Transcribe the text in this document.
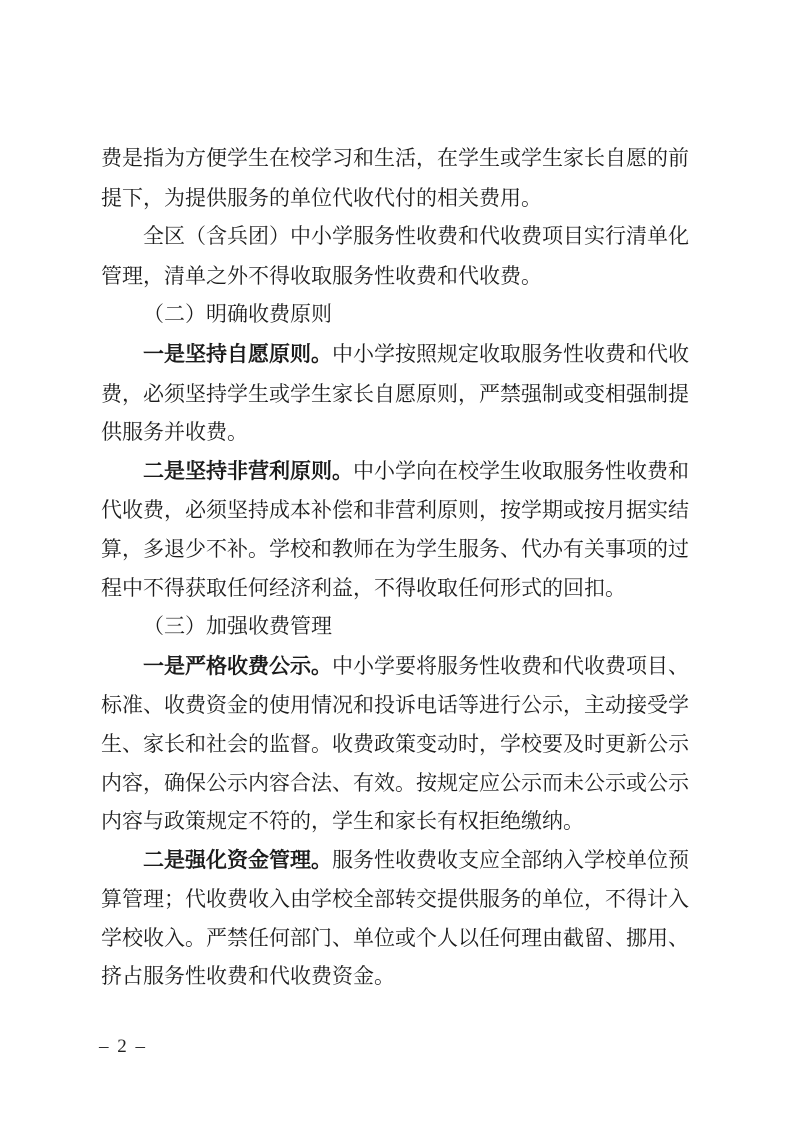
费是指为方便学生在校学习和生活，在学生或学生家长自愿的前提下，为提供服务的单位代收代付的相关费用。

全区（含兵团）中小学服务性收费和代收费项目实行清单化管理，清单之外不得收取服务性收费和代收费。

（二）明确收费原则

一是坚持自愿原则。中小学按照规定收取服务性收费和代收费，必须坚持学生或学生家长自愿原则，严禁强制或变相强制提供服务并收费。

二是坚持非营利原则。中小学向在校学生收取服务性收费和代收费，必须坚持成本补偿和非营利原则，按学期或按月据实结算，多退少不补。学校和教师在为学生服务、代办有关事项的过程中不得获取任何经济利益，不得收取任何形式的回扣。

（三）加强收费管理

一是严格收费公示。中小学要将服务性收费和代收费项目、标准、收费资金的使用情况和投诉电话等进行公示，主动接受学生、家长和社会的监督。收费政策变动时，学校要及时更新公示内容，确保公示内容合法、有效。按规定应公示而未公示或公示内容与政策规定不符的，学生和家长有权拒绝缴纳。

二是强化资金管理。服务性收费收支应全部纳入学校单位预算管理；代收费收入由学校全部转交提供服务的单位，不得计入学校收入。严禁任何部门、单位或个人以任何理由截留、挪用、挤占服务性收费和代收费资金。

– 2 –
